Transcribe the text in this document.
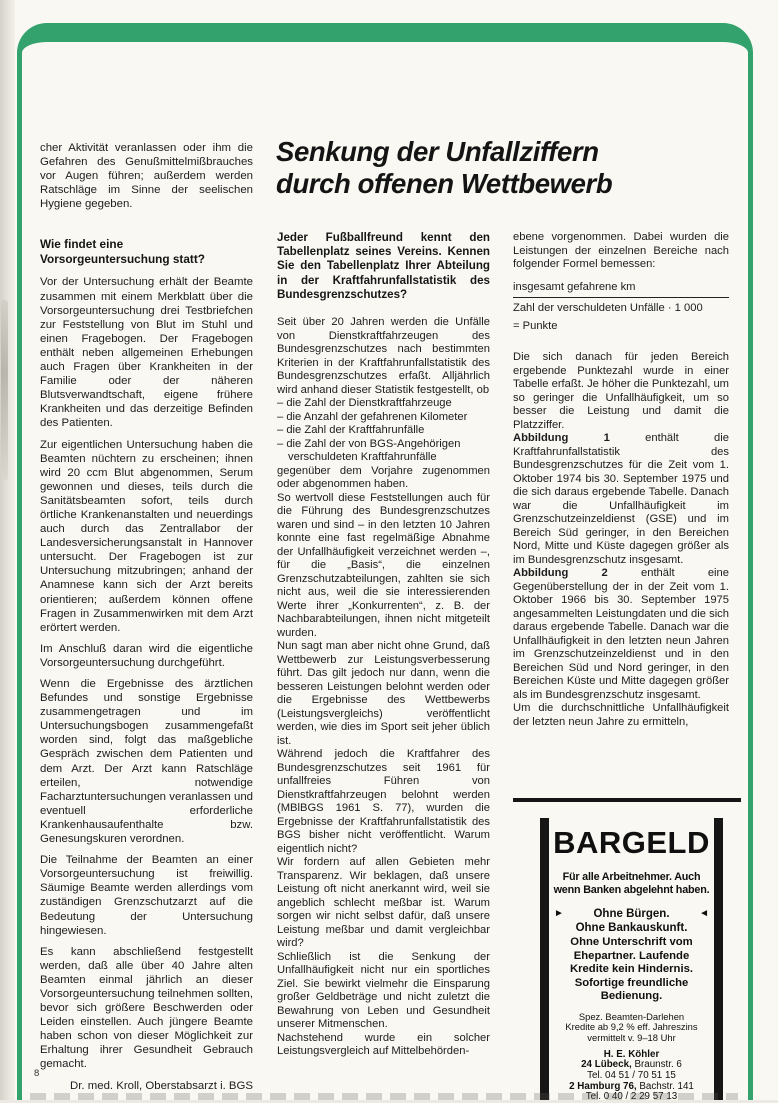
8

cher Aktivität veranlassen oder ihm die Gefahren des Genußmittelmißbrauches vor Augen führen; außerdem werden Ratschläge im Sinne der seelischen Hygiene gegeben.

Wie findet eine Vorsorgeuntersuchung statt?

Vor der Untersuchung erhält der Beamte zusammen mit einem Merkblatt über die Vorsorgeuntersuchung drei Testbriefchen zur Feststellung von Blut im Stuhl und einen Fragebogen. Der Fragebogen enthält neben allgemeinen Erhebungen auch Fragen über Krankheiten in der Familie oder der näheren Blutsverwandtschaft, eigene frühere Krankheiten und das derzeitige Befinden des Patienten.

Zur eigentlichen Untersuchung haben die Beamten nüchtern zu erscheinen; ihnen wird 20 ccm Blut abgenommen, Serum gewonnen und dieses, teils durch die Sanitätsbeamten sofort, teils durch örtliche Krankenanstalten und neuerdings auch durch das Zentrallabor der Landesversicherungsanstalt in Hannover untersucht. Der Fragebogen ist zur Untersuchung mitzubringen; anhand der Anamnese kann sich der Arzt bereits orientieren; außerdem können offene Fragen in Zusammenwirken mit dem Arzt erörtert werden.

Im Anschluß daran wird die eigentliche Vorsorgeuntersuchung durchgeführt.

Wenn die Ergebnisse des ärztlichen Befundes und sonstige Ergebnisse zusammengetragen und im Untersuchungsbogen zusammengefaßt worden sind, folgt das maßgebliche Gespräch zwischen dem Patienten und dem Arzt. Der Arzt kann Ratschläge erteilen, notwendige Facharztuntersuchungen veranlassen und eventuell erforderliche Krankenhausaufenthalte bzw. Genesungskuren verordnen.

Die Teilnahme der Beamten an einer Vorsorgeuntersuchung ist freiwillig. Säumige Beamte werden allerdings vom zuständigen Grenzschutzarzt auf die Bedeutung der Untersuchung hingewiesen.

Es kann abschließend festgestellt werden, daß alle über 40 Jahre alten Beamten einmal jährlich an dieser Vorsorgeuntersuchung teilnehmen sollten, bevor sich größere Beschwerden oder Leiden einstellen. Auch jüngere Beamte haben schon von dieser Möglichkeit zur Erhaltung ihrer Gesundheit Gebrauch gemacht.

Dr. med. Kroll, Oberstabsarzt i. BGS

Senkung der Unfallziffern
durch offenen Wettbewerb

Jeder Fußballfreund kennt den Tabellenplatz seines Vereins. Kennen Sie den Tabellenplatz Ihrer Abteilung in der Kraftfahrunfallstatistik des Bundesgrenzschutzes?

Seit über 20 Jahren werden die Unfälle von Dienstkraftfahrzeugen des Bundesgrenzschutzes nach bestimmten Kriterien in der Kraftfahrunfallstatistik des Bundesgrenzschutzes erfaßt. Alljährlich wird anhand dieser Statistik festgestellt, ob

– die Zahl der Dienstkraftfahrzeuge
– die Anzahl der gefahrenen Kilometer
– die Zahl der Kraftfahrunfälle
– die Zahl der von BGS-Angehörigen verschuldeten Kraftfahrunfälle

gegenüber dem Vorjahre zugenommen oder abgenommen haben.

So wertvoll diese Feststellungen auch für die Führung des Bundesgrenzschutzes waren und sind – in den letzten 10 Jahren konnte eine fast regelmäßige Abnahme der Unfallhäufigkeit verzeichnet werden –, für die „Basis“, die einzelnen Grenzschutzabteilungen, zahlten sie sich nicht aus, weil die sie interessierenden Werte ihrer „Konkurrenten“, z. B. der Nachbarabteilungen, ihnen nicht mitgeteilt wurden.

Nun sagt man aber nicht ohne Grund, daß Wettbewerb zur Leistungsverbesserung führt. Das gilt jedoch nur dann, wenn die besseren Leistungen belohnt werden oder die Ergebnisse des Wettbewerbs (Leistungsvergleichs) veröffentlicht werden, wie dies im Sport seit jeher üblich ist.

Während jedoch die Kraftfahrer des Bundesgrenzschutzes seit 1961 für unfallfreies Führen von Dienstkraftfahrzeugen belohnt werden (MBlBGS 1961 S. 77), wurden die Ergebnisse der Kraftfahrunfallstatistik des BGS bisher nicht veröffentlicht. Warum eigentlich nicht?

Wir fordern auf allen Gebieten mehr Transparenz. Wir beklagen, daß unsere Leistung oft nicht anerkannt wird, weil sie angeblich schlecht meßbar ist. Warum sorgen wir nicht selbst dafür, daß unsere Leistung meßbar und damit vergleichbar wird?

Schließlich ist die Senkung der Unfallhäufigkeit nicht nur ein sportliches Ziel. Sie bewirkt vielmehr die Einsparung großer Geldbeträge und nicht zuletzt die Bewahrung von Leben und Gesundheit unserer Mitmenschen.

Nachstehend wurde ein solcher Leistungsvergleich auf Mittelbehörden-

ebene vorgenommen. Dabei wurden die Leistungen der einzelnen Bereiche nach folgender Formel bemessen:

insgesamt gefahrene km
Zahl der verschuldeten Unfälle · 1 000
= Punkte

Die sich danach für jeden Bereich ergebende Punktezahl wurde in einer Tabelle erfaßt. Je höher die Punktezahl, um so geringer die Unfallhäufigkeit, um so besser die Leistung und damit die Platzziffer.

Abbildung 1 enthält die Kraftfahrunfallstatistik des Bundesgrenzschutzes für die Zeit vom 1. Oktober 1974 bis 30. September 1975 und die sich daraus ergebende Tabelle. Danach war die Unfallhäufigkeit im Grenzschutzeinzeldienst (GSE) und im Bereich Süd geringer, in den Bereichen Nord, Mitte und Küste dagegen größer als im Bundesgrenzschutz insgesamt.

Abbildung 2 enthält eine Gegenüberstellung der in der Zeit vom 1. Oktober 1966 bis 30. September 1975 angesammelten Leistungdaten und die sich daraus ergebende Tabelle. Danach war die Unfallhäufigkeit in den letzten neun Jahren im Grenzschutzeinzeldienst und in den Bereichen Süd und Nord geringer, in den Bereichen Küste und Mitte dagegen größer als im Bundesgrenzschutz insgesamt.

Um die durchschnittliche Unfallhäufigkeit der letzten neun Jahre zu ermitteln,

BARGELD
Für alle Arbeitnehmer. Auch wenn Banken abgelehnt haben.
►	Ohne Bürgen.	◄
Ohne Bankauskunft.
Ohne Unterschrift vom Ehepartner. Laufende Kredite kein Hindernis. Sofortige freundliche Bedienung.
Spez. Beamten-Darlehen
Kredite ab 9,2 % eff. Jahreszins
vermittelt v. 9–18 Uhr
H. E. Köhler
24 Lübeck, Braunstr. 6
Tel. 04 51 / 70 51 15
2 Hamburg 76, Bachstr. 141
Tel. 0 40 / 2 29 57 13
